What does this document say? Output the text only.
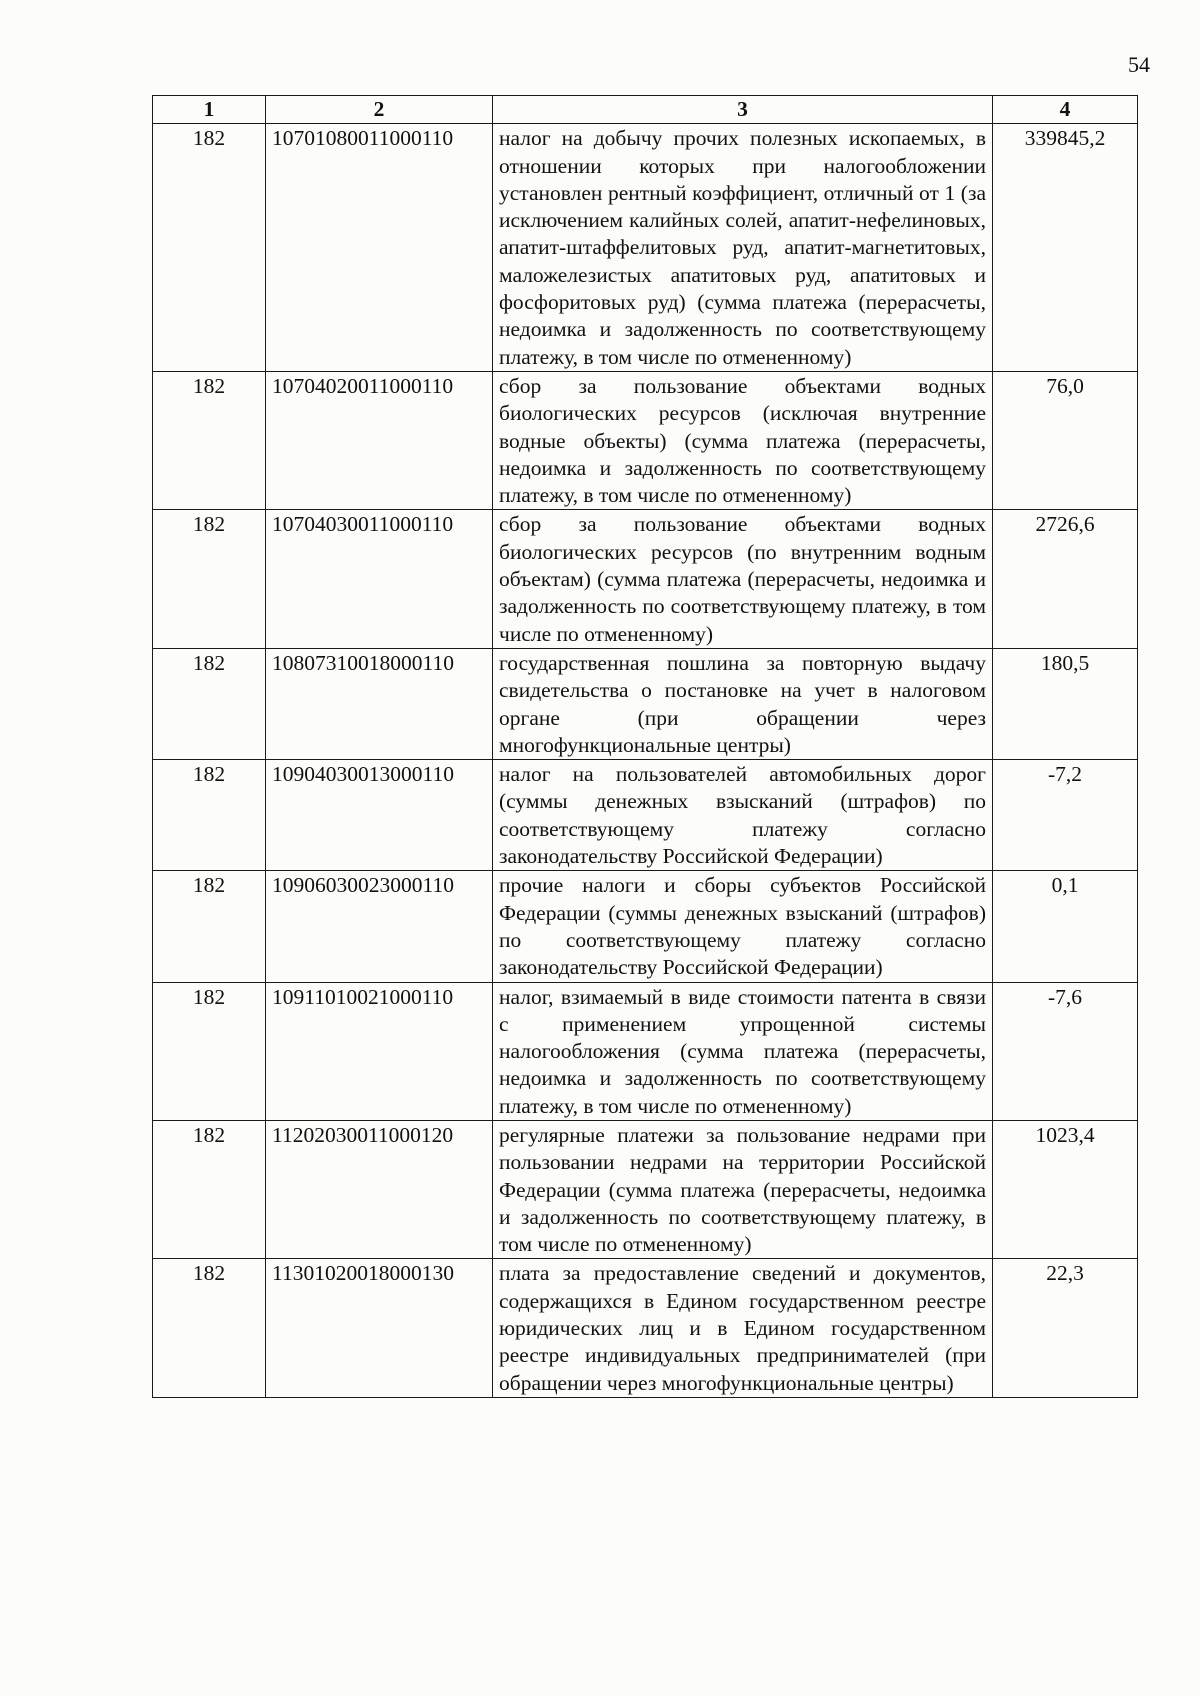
54
1	2	3	4
182	10701080011000110	налог на добычу прочих полезных ископаемых, в отношении которых при налогообложении установлен рентный коэффициент, отличный от 1 (за исключением калийных солей, апатит-нефелиновых, апатит-штаффелитовых руд, апатит-магнетитовых, маложелезистых апатитовых руд, апатитовых и фосфоритовых руд) (сумма платежа (перерасчеты, недоимка и задолженность по соответствующему платежу, в том числе по отмененному)	339845,2
182	10704020011000110	сбор за пользование объектами водных биологических ресурсов (исключая внутренние водные объекты) (сумма платежа (перерасчеты, недоимка и задолженность по соответствующему платежу, в том числе по отмененному)	76,0
182	10704030011000110	сбор за пользование объектами водных биологических ресурсов (по внутренним водным объектам) (сумма платежа (перерасчеты, недоимка и задолженность по соответствующему платежу, в том числе по отмененному)	2726,6
182	10807310018000110	государственная пошлина за повторную выдачу свидетельства о постановке на учет в налоговом органе (при обращении через многофункциональные центры)	180,5
182	10904030013000110	налог на пользователей автомобильных дорог (суммы денежных взысканий (штрафов) по соответствующему платежу согласно законодательству Российской Федерации)	-7,2
182	10906030023000110	прочие налоги и сборы субъектов Российской Федерации (суммы денежных взысканий (штрафов) по соответствующему платежу согласно законодательству Российской Федерации)	0,1
182	10911010021000110	налог, взимаемый в виде стоимости патента в связи с применением упрощенной системы налогообложения (сумма платежа (перерасчеты, недоимка и задолженность по соответствующему платежу, в том числе по отмененному)	-7,6
182	11202030011000120	регулярные платежи за пользование недрами при пользовании недрами на территории Российской Федерации (сумма платежа (перерасчеты, недоимка и задолженность по соответствующему платежу, в том числе по отмененному)	1023,4
182	11301020018000130	плата за предоставление сведений и документов, содержащихся в Едином государственном реестре юридических лиц и в Едином государственном реестре индивидуальных предпринимателей (при обращении через многофункциональные центры)	22,3
